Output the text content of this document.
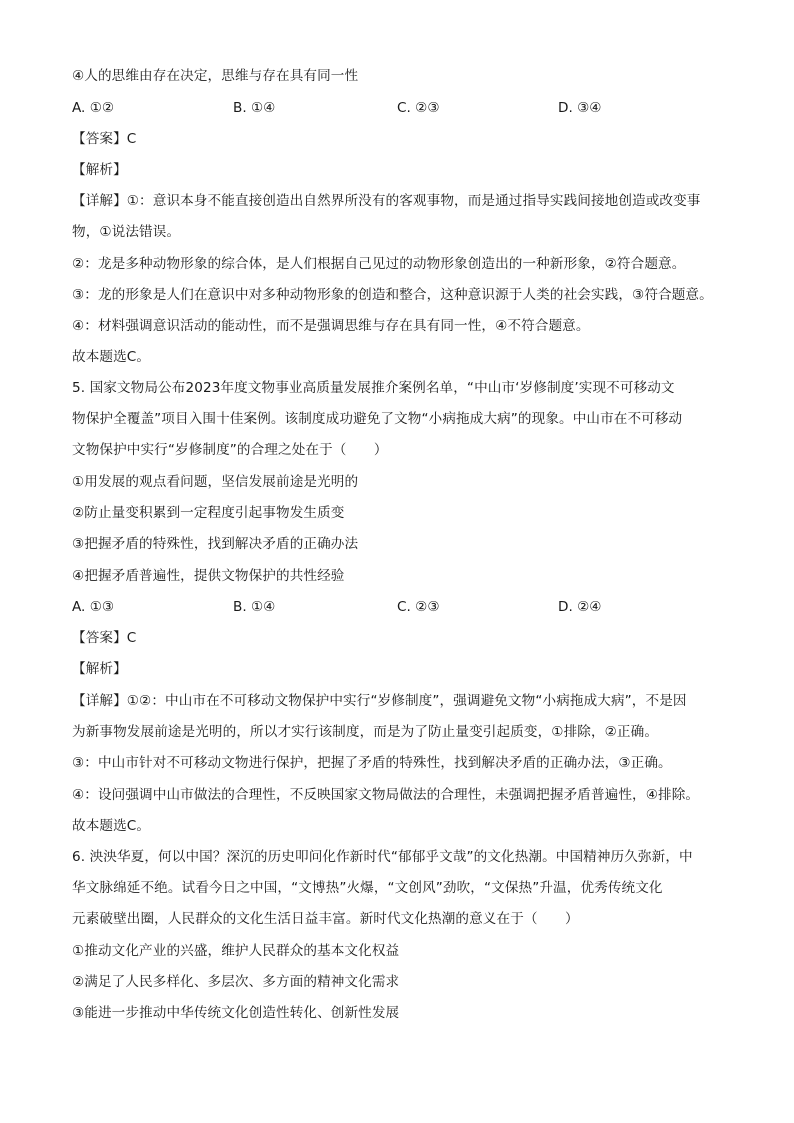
④人的思维由存在决定，思维与存在具有同一性
A. ①②	B. ①④	C. ②③	D. ③④
【答案】C
【解析】
【详解】①：意识本身不能直接创造出自然界所没有的客观事物，而是通过指导实践间接地创造或改变事
物，①说法错误。
②：龙是多种动物形象的综合体，是人们根据自己见过的动物形象创造出的一种新形象，②符合题意。
③：龙的形象是人们在意识中对多种动物形象的创造和整合，这种意识源于人类的社会实践，③符合题意。
④：材料强调意识活动的能动性，而不是强调思维与存在具有同一性，④不符合题意。
故本题选C。
5. 国家文物局公布2023年度文物事业高质量发展推介案例名单，“中山市‘岁修制度’实现不可移动文
物保护全覆盖”项目入围十佳案例。该制度成功避免了文物“小病拖成大病”的现象。中山市在不可移动
文物保护中实行“岁修制度”的合理之处在于（　　）
①用发展的观点看问题，坚信发展前途是光明的
②防止量变积累到一定程度引起事物发生质变
③把握矛盾的特殊性，找到解决矛盾的正确办法
④把握矛盾普遍性，提供文物保护的共性经验
A. ①③	B. ①④	C. ②③	D. ②④
【答案】C
【解析】
【详解】①②：中山市在不可移动文物保护中实行“岁修制度”，强调避免文物“小病拖成大病”，不是因
为新事物发展前途是光明的，所以才实行该制度，而是为了防止量变引起质变，①排除，②正确。
③：中山市针对不可移动文物进行保护，把握了矛盾的特殊性，找到解决矛盾的正确办法，③正确。
④：设问强调中山市做法的合理性，不反映国家文物局做法的合理性，未强调把握矛盾普遍性，④排除。
故本题选C。
6. 泱泱华夏，何以中国？深沉的历史叩问化作新时代“郁郁乎文哉”的文化热潮。中国精神历久弥新，中
华文脉绵延不绝。试看今日之中国，“文博热”火爆，“文创风”劲吹，“文保热”升温，优秀传统文化
元素破壁出圈，人民群众的文化生活日益丰富。新时代文化热潮的意义在于（　　）
①推动文化产业的兴盛，维护人民群众的基本文化权益
②满足了人民多样化、多层次、多方面的精神文化需求
③能进一步推动中华传统文化创造性转化、创新性发展
